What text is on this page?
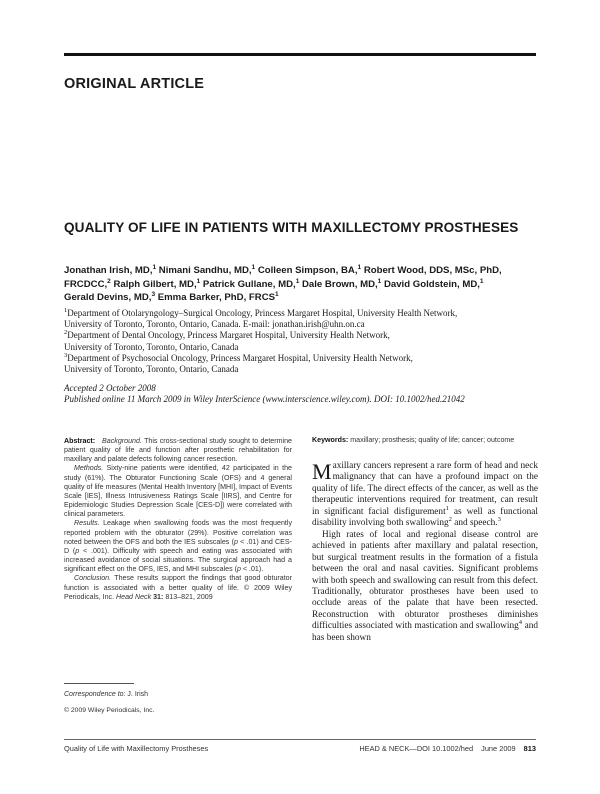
ORIGINAL ARTICLE
QUALITY OF LIFE IN PATIENTS WITH MAXILLECTOMY PROSTHESES
Jonathan Irish, MD,$^1$ Nimani Sandhu, MD,$^1$ Colleen Simpson, BA,$^1$ Robert Wood, DDS, MSc, PhD,
FRCDCC,$^2$ Ralph Gilbert, MD,$^1$ Patrick Gullane, MD,$^1$ Dale Brown, MD,$^1$ David Goldstein, MD,$^1$
Gerald Devins, MD,$^3$ Emma Barker, PhD, FRCS$^1$
$^1$Department of Otolaryngology–Surgical Oncology, Princess Margaret Hospital, University Health Network,
University of Toronto, Toronto, Ontario, Canada. E-mail: jonathan.irish@uhn.on.ca
$^2$Department of Dental Oncology, Princess Margaret Hospital, University Health Network,
University of Toronto, Toronto, Ontario, Canada
$^3$Department of Psychosocial Oncology, Princess Margaret Hospital, University Health Network,
University of Toronto, Toronto, Ontario, Canada
Accepted 2 October 2008
Published online 11 March 2009 in Wiley InterScience (www.interscience.wiley.com). DOI: 10.1002/hed.21042

Abstract: Background. This cross-sectional study sought to determine patient quality of life and function after prosthetic rehabilitation for maxillary and palate defects following cancer resection.

Methods. Sixty-nine patients were identified, 42 participated in the study (61%). The Obturator Functioning Scale (OFS) and 4 general quality of life measures (Mental Health Inventory [MHI], Impact of Events Scale [IES], Illness Intrusiveness Ratings Scale [IIRS], and Centre for Epidemiologic Studies Depression Scale [CES-D]) were correlated with clinical parameters.

Results. Leakage when swallowing foods was the most frequently reported problem with the obturator (29%). Positive correlation was noted between the OFS and both the IES subscales (p < .01) and CES-D (p < .001). Difficulty with speech and eating was associated with increased avoidance of social situations. The surgical approach had a significant effect on the OFS, IES, and MHI subscales (p < .01).

Conclusion. These results support the findings that good obturator function is associated with a better quality of life. © 2009 Wiley Periodicals, Inc. Head Neck 31: 813–821, 2009

Keywords: maxillary; prosthesis; quality of life; cancer; outcome

Maxillary cancers represent a rare form of head and neck malignancy that can have a profound impact on the quality of life. The direct effects of the cancer, as well as the therapeutic interventions required for treatment, can result in significant facial disfigurement$^1$ as well as functional disability involving both swallowing$^2$ and speech.$^3$

High rates of local and regional disease control are achieved in patients after maxillary and palatal resection, but surgical treatment results in the formation of a fistula between the oral and nasal cavities. Significant problems with both speech and swallowing can result from this defect. Traditionally, obturator prostheses have been used to occlude areas of the palate that have been resected. Reconstruction with obturator prostheses diminishes difficulties associated with mastication and swallowing$^4$ and has been shown

Correspondence to: J. Irish
© 2009 Wiley Periodicals, Inc.
Quality of Life with Maxillectomy Prostheses	HEAD & NECK—DOI 10.1002/hed June 2009 813
